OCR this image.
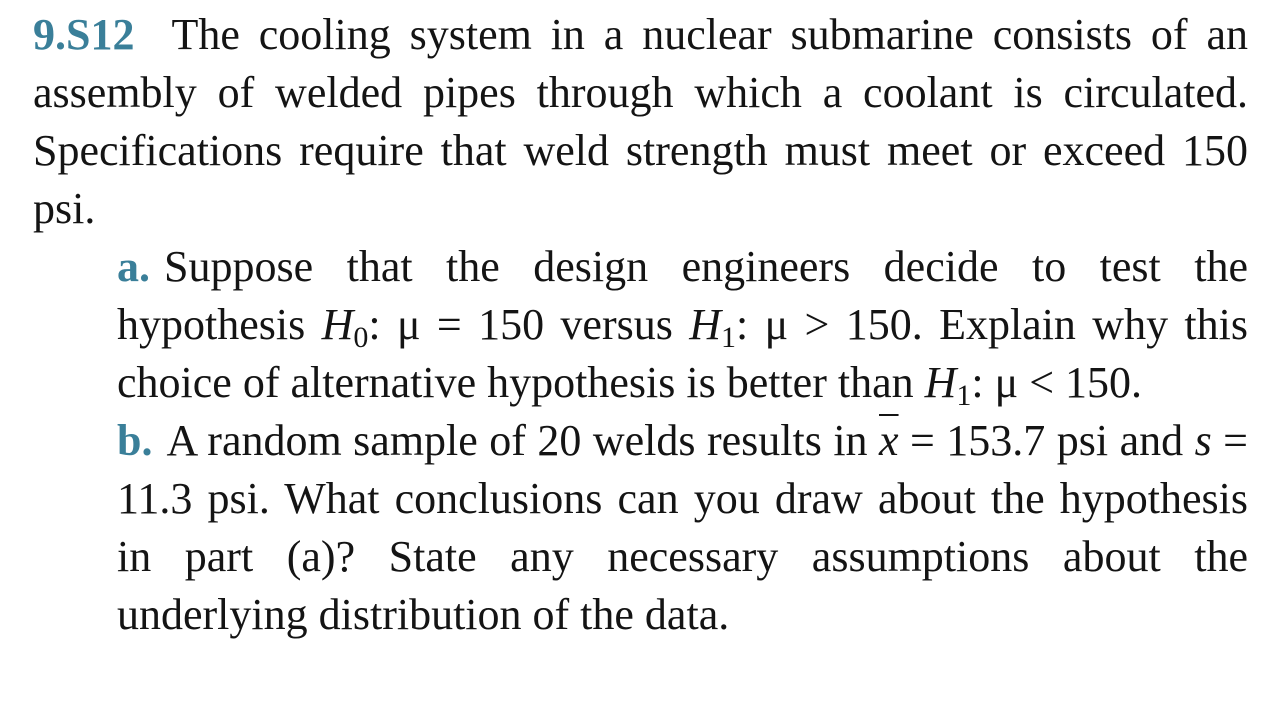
9.S12 The cooling system in a nuclear submarine consists of an assembly of welded pipes through which a coolant is circulated. Specifications require that weld strength must meet or exceed 150 psi.

a. Suppose that the design engineers decide to test the hypothesis $H_0$: μ = 150 versus $H_1$: μ > 150. Explain why this choice of alternative hypothesis is better than $H_1$: μ < 150.

b. A random sample of 20 welds results in $\overline{x} = 153.7$ psi and s = 11.3 psi. What conclusions can you draw about the hypothesis in part (a)? State any necessary assumptions about the underlying distribution of the data.
